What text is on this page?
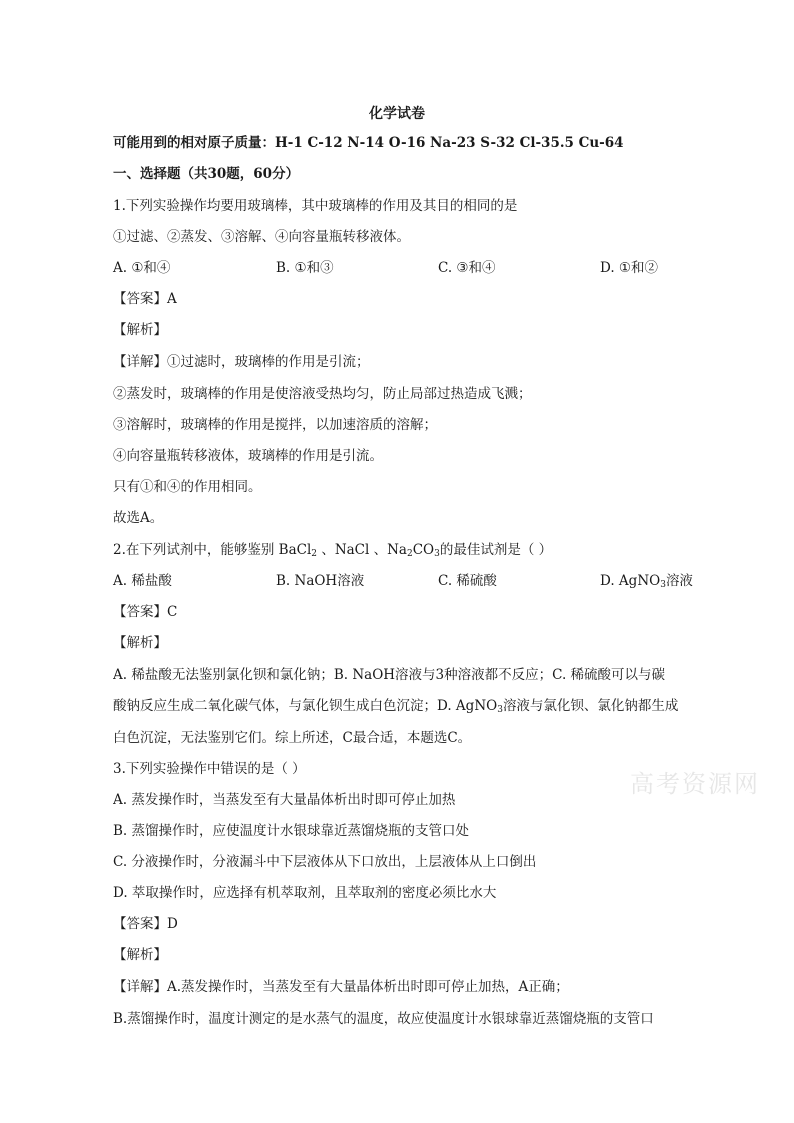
化学试卷
可能用到的相对原子质量：H-1 C-12 N-14 O-16 Na-23 S-32 Cl-35.5 Cu-64
一、选择题（共30题，60分）
1.下列实验操作均要用玻璃棒，其中玻璃棒的作用及其目的相同的是
①过滤、②蒸发、③溶解、④向容量瓶转移液体。
A. ①和④	B. ①和③	C. ③和④	D. ①和②
【答案】A
【解析】
【详解】①过滤时，玻璃棒的作用是引流；
②蒸发时，玻璃棒的作用是使溶液受热均匀，防止局部过热造成飞溅；
③溶解时，玻璃棒的作用是搅拌，以加速溶质的溶解；
④向容量瓶转移液体，玻璃棒的作用是引流。
只有①和④的作用相同。
故选A。
2.在下列试剂中，能够鉴别 BaCl$_2$ 、NaCl 、$Na_2CO_3$的最佳试剂是（ ）
A. 稀盐酸	B. NaOH溶液	C. 稀硫酸	D. AgNO$_3$溶液
【答案】C
【解析】
A. 稀盐酸无法鉴别氯化钡和氯化钠；B. NaOH溶液与3种溶液都不反应；C. 稀硫酸可以与碳
酸钠反应生成二氧化碳气体，与氯化钡生成白色沉淀；D. AgNO$_3$溶液与氯化钡、氯化钠都生成
白色沉淀，无法鉴别它们。综上所述，C最合适，本题选C。
3.下列实验操作中错误的是（ ）
A. 蒸发操作时，当蒸发至有大量晶体析出时即可停止加热
B. 蒸馏操作时，应使温度计水银球靠近蒸馏烧瓶的支管口处
C. 分液操作时，分液漏斗中下层液体从下口放出，上层液体从上口倒出
D. 萃取操作时，应选择有机萃取剂，且萃取剂的密度必须比水大
【答案】D
【解析】
【详解】A.蒸发操作时，当蒸发至有大量晶体析出时即可停止加热，A正确；
B.蒸馏操作时，温度计测定的是水蒸气的温度，故应使温度计水银球靠近蒸馏烧瓶的支管口
高考资源网
